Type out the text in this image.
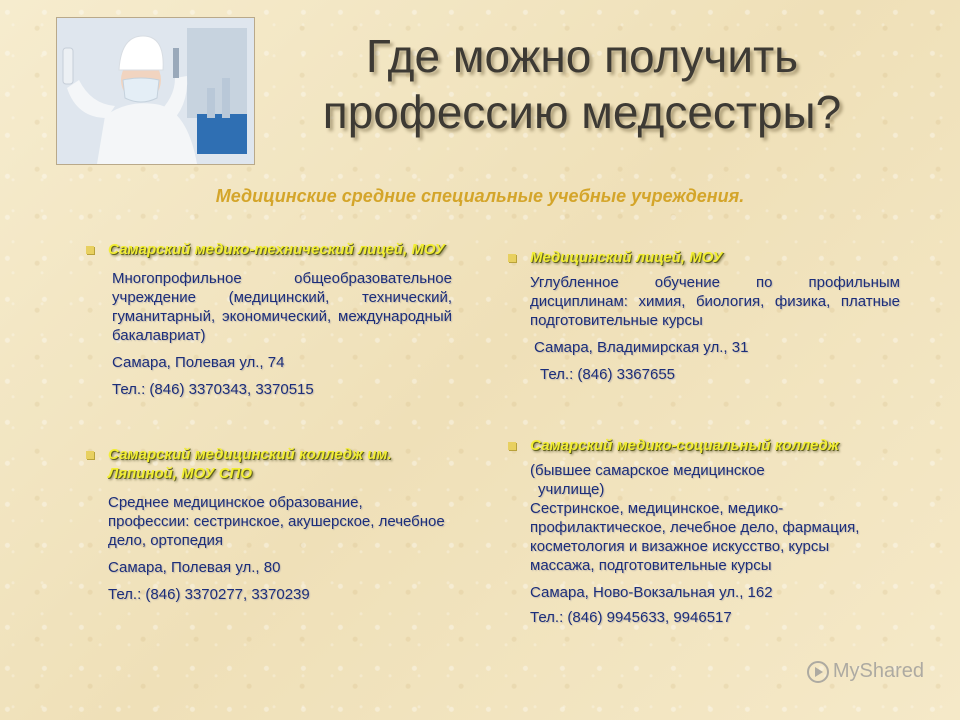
Где можно получить
профессию медсестры?
Медицинские средние специальные учебные учреждения.
Самарский медико-технический лицей, МОУ
Многопрофильное общеобразовательное учреждение (медицинский, технический, гуманитарный, экономический, международный бакалавриат)
Самара, Полевая ул., 74
Тел.: (846) 3370343, 3370515
Самарский медицинский колледж им. Ляпиной, МОУ СПО
Среднее медицинское образование, профессии: сестринское, акушерское, лечебное дело, ортопедия
Самара, Полевая ул., 80
Тел.: (846) 3370277, 3370239
Медицинский лицей, МОУ
Углубленное обучение по профильным дисциплинам: химия, биология, физика, платные подготовительные курсы
Самара, Владимирская ул., 31
Тел.: (846) 3367655
Самарский медико-социальный колледж
(бывшее самарское медицинское училище)
Сестринское, медицинское, медико-профилактическое, лечебное дело, фармация, косметология и визажное искусство, курсы массажа, подготовительные курсы
Самара, Ново-Вокзальная ул., 162
Тел.: (846) 9945633, 9946517
MyShared
